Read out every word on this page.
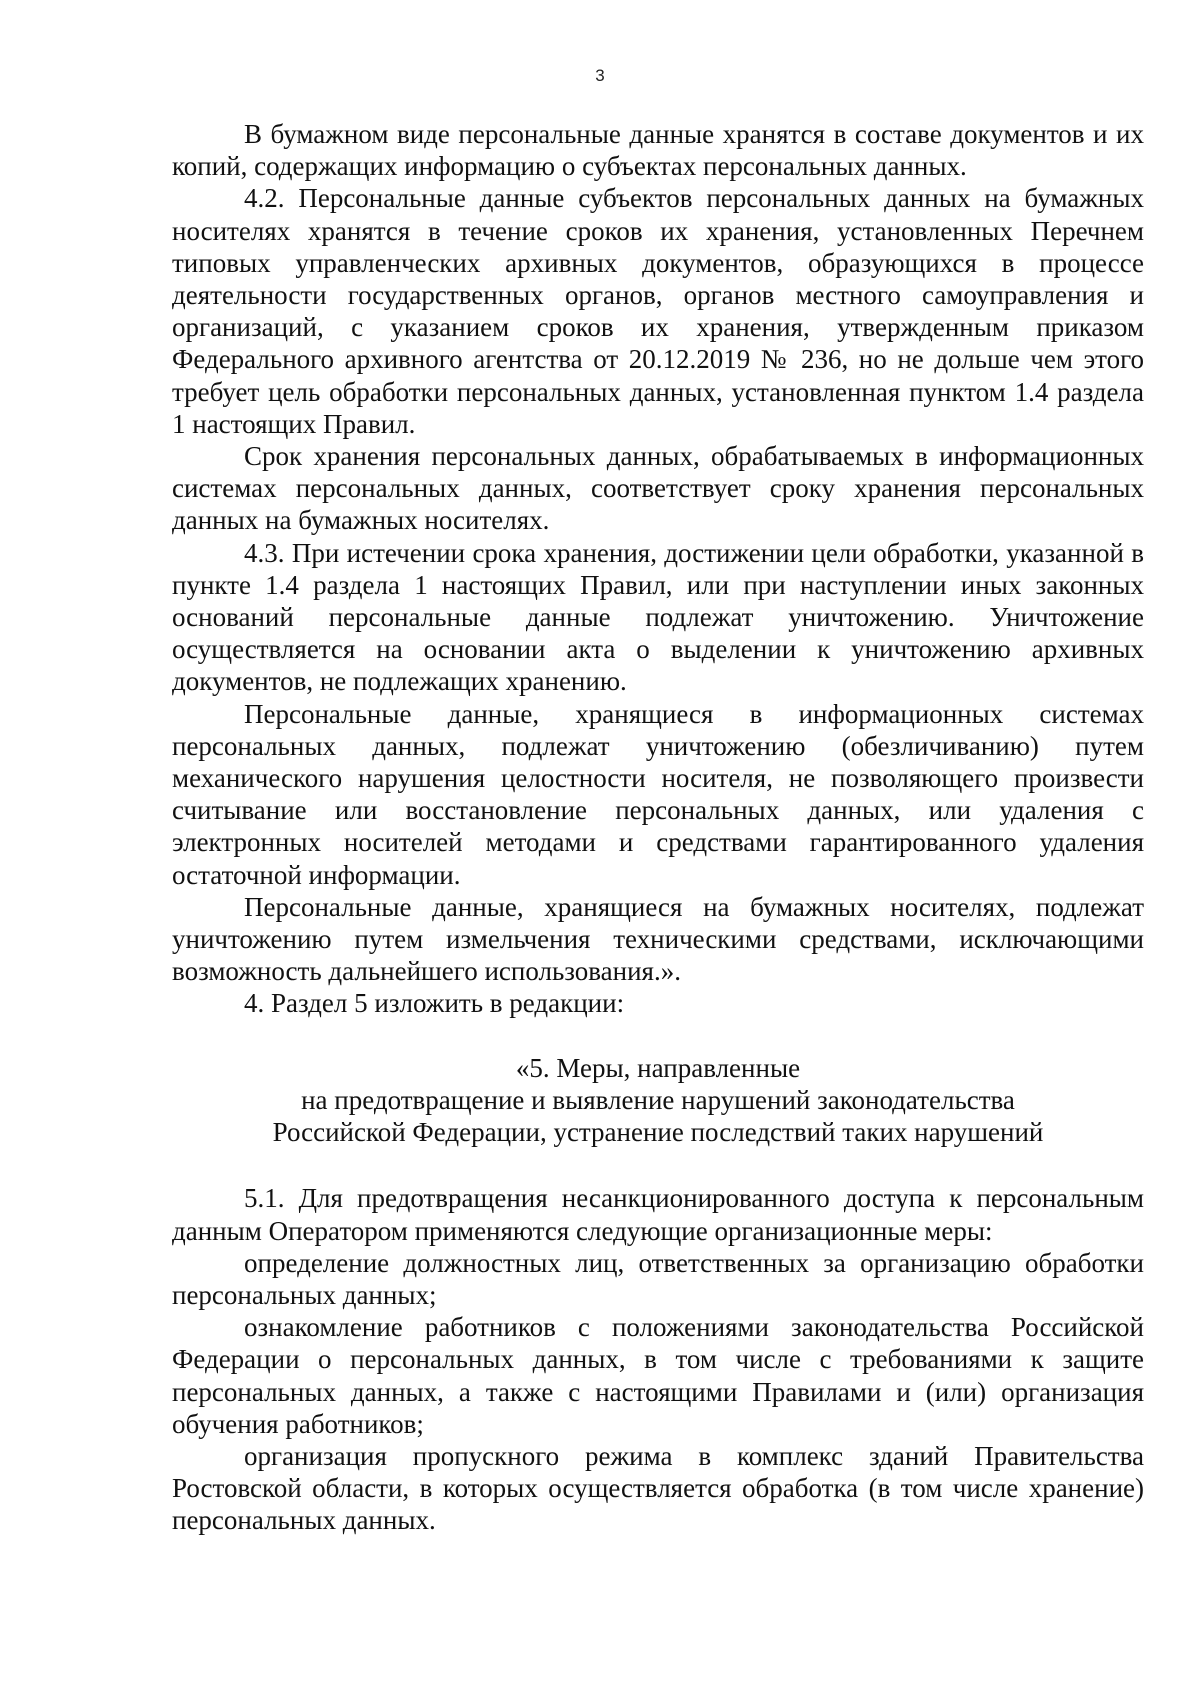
3

В бумажном виде персональные данные хранятся в составе документов и их копий, содержащих информацию о субъектах персональных данных.

4.2. Персональные данные субъектов персональных данных на бумажных носителях хранятся в течение сроков их хранения, установленных Перечнем типовых управленческих архивных документов, образующихся в процессе деятельности государственных органов, органов местного самоуправления и организаций, с указанием сроков их хранения, утвержденным приказом Федерального архивного агентства от 20.12.2019 № 236, но не дольше чем этого требует цель обработки персональных данных, установленная пунктом 1.4 раздела 1 настоящих Правил.

Срок хранения персональных данных, обрабатываемых в информационных системах персональных данных, соответствует сроку хранения персональных данных на бумажных носителях.

4.3. При истечении срока хранения, достижении цели обработки, указанной в пункте 1.4 раздела 1 настоящих Правил, или при наступлении иных законных оснований персональные данные подлежат уничтожению. Уничтожение осуществляется на основании акта о выделении к уничтожению архивных документов, не подлежащих хранению.

Персональные данные, хранящиеся в информационных системах персональных данных, подлежат уничтожению (обезличиванию) путем механического нарушения целостности носителя, не позволяющего произвести считывание или восстановление персональных данных, или удаления с электронных носителей методами и средствами гарантированного удаления остаточной информации.

Персональные данные, хранящиеся на бумажных носителях, подлежат уничтожению путем измельчения техническими средствами, исключающими возможность дальнейшего использования.».

4. Раздел 5 изложить в редакции:

«5. Меры, направленные
на предотвращение и выявление нарушений законодательства
Российской Федерации, устранение последствий таких нарушений

5.1. Для предотвращения несанкционированного доступа к персональным данным Оператором применяются следующие организационные меры:

определение должностных лиц, ответственных за организацию обработки персональных данных;

ознакомление работников с положениями законодательства Российской Федерации о персональных данных, в том числе с требованиями к защите персональных данных, а также с настоящими Правилами и (или) организация обучения работников;

организация пропускного режима в комплекс зданий Правительства Ростовской области, в которых осуществляется обработка (в том числе хранение) персональных данных.
